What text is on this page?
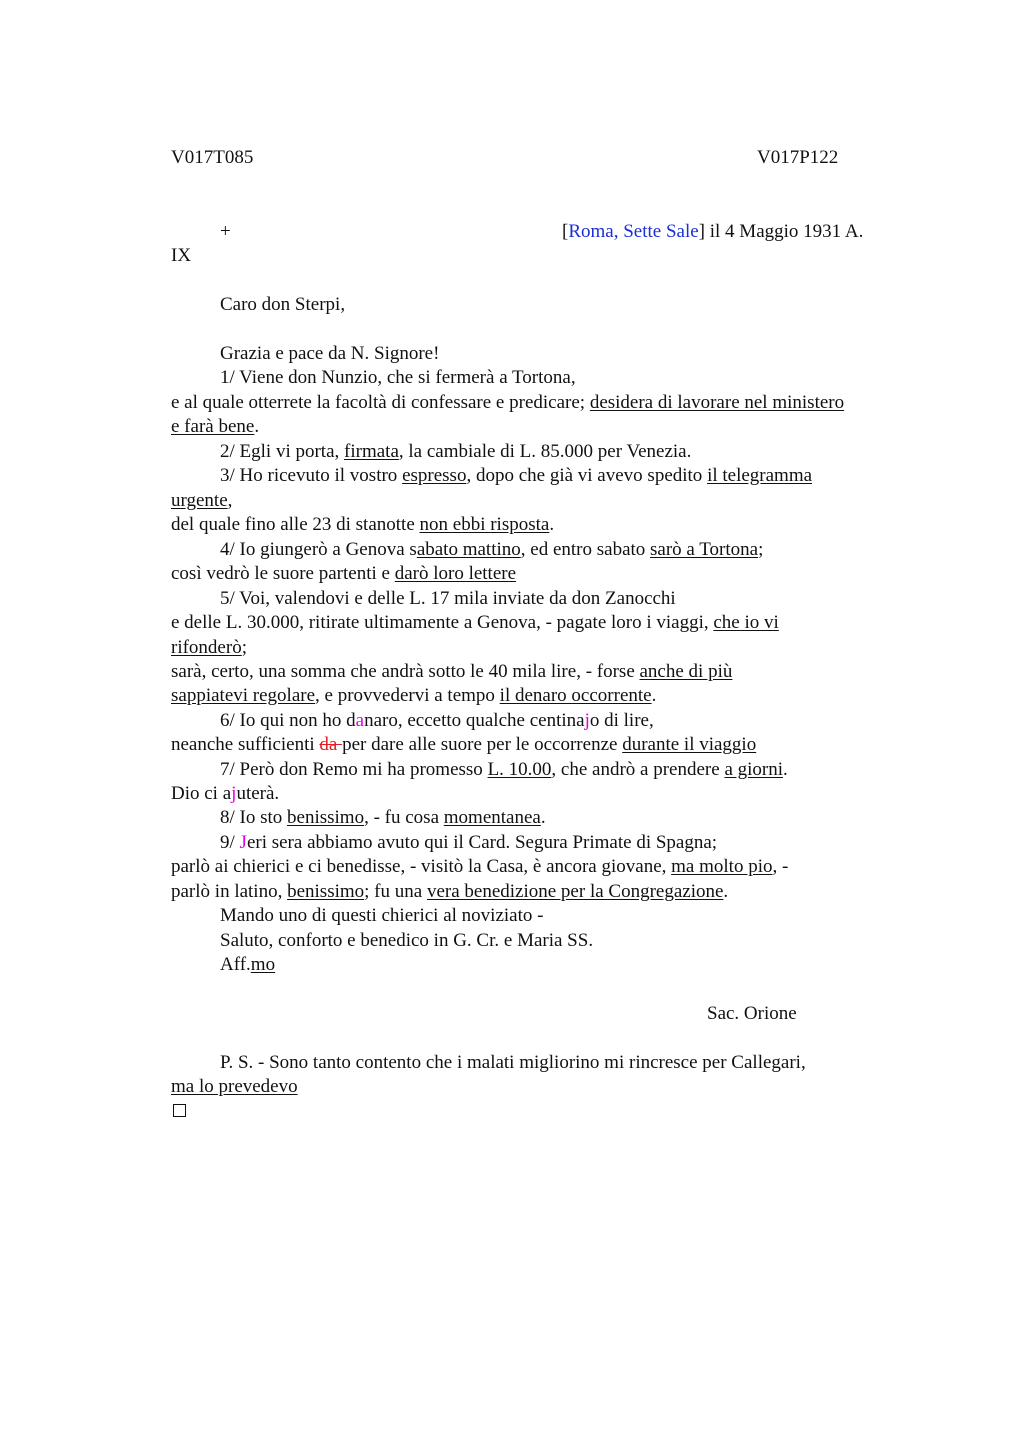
V017T085	V017P122
+	[Roma, Sette Sale] il 4 Maggio 1931 A.
IX
Caro don Sterpi,
Grazia e pace da N. Signore!
1/ Viene don Nunzio, che si fermerà a Tortona,
e al quale otterrete la facoltà di confessare e predicare; desidera di lavorare nel ministero
e farà bene.
2/ Egli vi porta, firmata, la cambiale di L. 85.000 per Venezia.
3/ Ho ricevuto il vostro espresso, dopo che già vi avevo spedito il telegramma
urgente,
del quale fino alle 23 di stanotte non ebbi risposta.
4/ Io giungerò a Genova sabato mattino, ed entro sabato sarò a Tortona;
così vedrò le suore partenti e darò loro lettere
5/ Voi, valendovi e delle L. 17 mila inviate da don Zanocchi
e delle L. 30.000, ritirate ultimamente a Genova, - pagate loro i viaggi, che io vi
rifonderò;
sarà, certo, una somma che andrà sotto le 40 mila lire, - forse anche di più
sappiatevi regolare, e provvedervi a tempo il denaro occorrente.
6/ Io qui non ho danaro, eccetto qualche centinajo di lire,
neanche sufficienti da per dare alle suore per le occorrenze durante il viaggio
7/ Però don Remo mi ha promesso L. 10.00, che andrò a prendere a giorni.
Dio ci ajuterà.
8/ Io sto benissimo, - fu cosa momentanea.
9/ Jeri sera abbiamo avuto qui il Card. Segura Primate di Spagna;
parlò ai chierici e ci benedisse, - visitò la Casa, è ancora giovane, ma molto pio, -
parlò in latino, benissimo; fu una vera benedizione per la Congregazione.
Mando uno di questi chierici al noviziato -
Saluto, conforto e benedico in G. Cr. e Maria SS.
Aff.mo
Sac. Orione
P. S. - Sono tanto contento che i malati migliorino mi rincresce per Callegari,
ma lo prevedevo
